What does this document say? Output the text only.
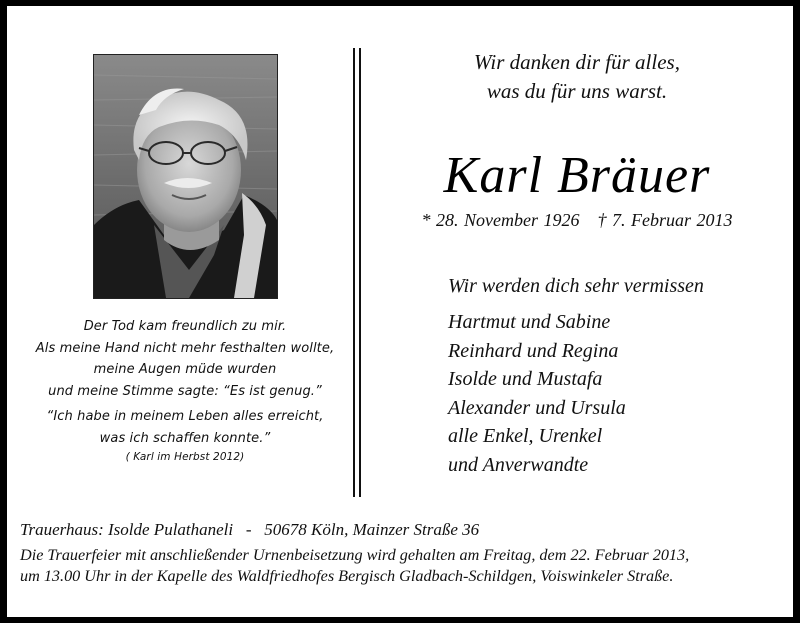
Der Tod kam freundlich zu mir.
Als meine Hand nicht mehr festhalten wollte,
meine Augen müde wurden
und meine Stimme sagte: “Es ist genug.”
“Ich habe in meinem Leben alles erreicht,
was ich schaffen konnte.”
( Karl im Herbst 2012)
Wir danken dir für alles,
was du für uns warst.
Karl Bräuer
* 28. November 1926 † 7. Februar 2013
Wir werden dich sehr vermissen
Hartmut und Sabine
Reinhard und Regina
Isolde und Mustafa
Alexander und Ursula
alle Enkel, Urenkel
und Anverwandte
Trauerhaus: Isolde Pulathaneli   -   50678 Köln, Mainzer Straße 36
Die Trauerfeier mit anschließender Urnenbeisetzung wird gehalten am Freitag, dem 22. Februar 2013,
um 13.00 Uhr in der Kapelle des Waldfriedhofes Bergisch Gladbach-Schildgen, Voiswinkeler Straße.
